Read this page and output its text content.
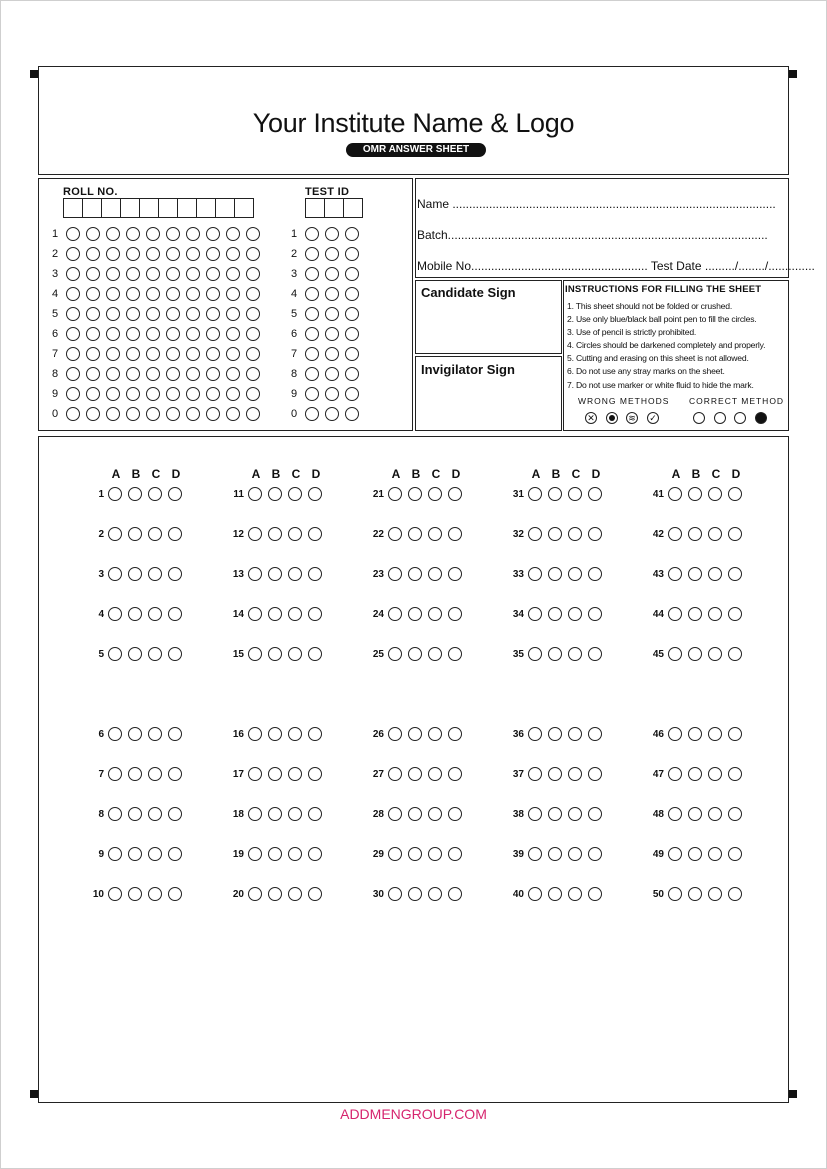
Your Institute Name & Logo
OMR ANSWER SHEET
ROLL NO.	TEST ID
1	1
2	2
3	3
4	4
5	5
6	6
7	7
8	8
9	9
0	0
Name .................................................................................................
Batch................................................................................................
Mobile No..................................................... Test Date ........./......../..............
Candidate Sign
Invigilator Sign
INSTRUCTIONS FOR FILLING THE SHEET
1. This sheet should not be folded or crushed.
2. Use only blue/black ball point pen to fill the circles.
3. Use of pencil is strictly prohibited.
4. Circles should be darkened completely and properly.
5. Cutting and erasing on this sheet is not allowed.
6. Do not use any stray marks on the sheet.
7. Do not use marker or white fluid to hide the mark.
WRONG METHODS CORRECT METHOD
✕	≋ ✓
A B C D
1
2
3
4
5
6
7
8
9
10
A B C D
11
12
13
14
15
16
17
18
19
20
A B C D
21
22
23
24
25
26
27
28
29
30
A B C D
31
32
33
34
35
36
37
38
39
40
A B C D
41
42
43
44
45
46
47
48
49
50
ADDMENGROUP.COM
